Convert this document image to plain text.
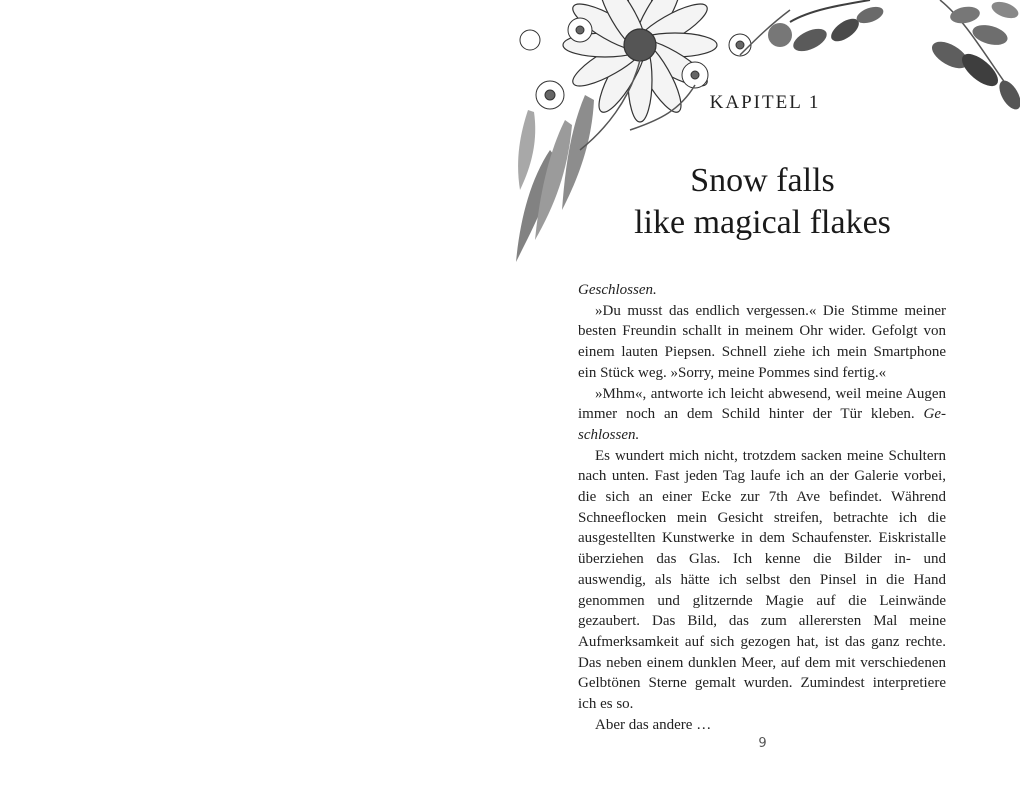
KAPITEL 1
Snow falls
like magical flakes

Geschlossen.

»Du musst das endlich vergessen.« Die Stimme meiner besten Freundin schallt in meinem Ohr wider. Gefolgt von einem lauten Piepsen. Schnell ziehe ich mein Smartphone ein Stück weg. »Sorry, meine Pommes sind fertig.«

»Mhm«, antworte ich leicht abwesend, weil meine Augen immer noch an dem Schild hinter der Tür kleben. Geschlossen.

Es wundert mich nicht, trotzdem sacken meine Schultern nach unten. Fast jeden Tag laufe ich an der Galerie vorbei, die sich an einer Ecke zur 7th Ave befindet. Während Schneeflocken mein Gesicht streifen, betrachte ich die ausgestellten Kunstwerke in dem Schaufenster. Eiskristalle überziehen das Glas. Ich kenne die Bilder in- und auswendig, als hätte ich selbst den Pinsel in die Hand genommen und glitzernde Magie auf die Leinwände gezaubert. Das Bild, das zum allerersten Mal meine Aufmerksamkeit auf sich gezogen hat, ist das ganz rechte. Das neben einem dunklen Meer, auf dem mit verschiedenen Gelbtönen Sterne gemalt wurden. Zumindest interpretiere ich es so.

Aber das andere …

9
